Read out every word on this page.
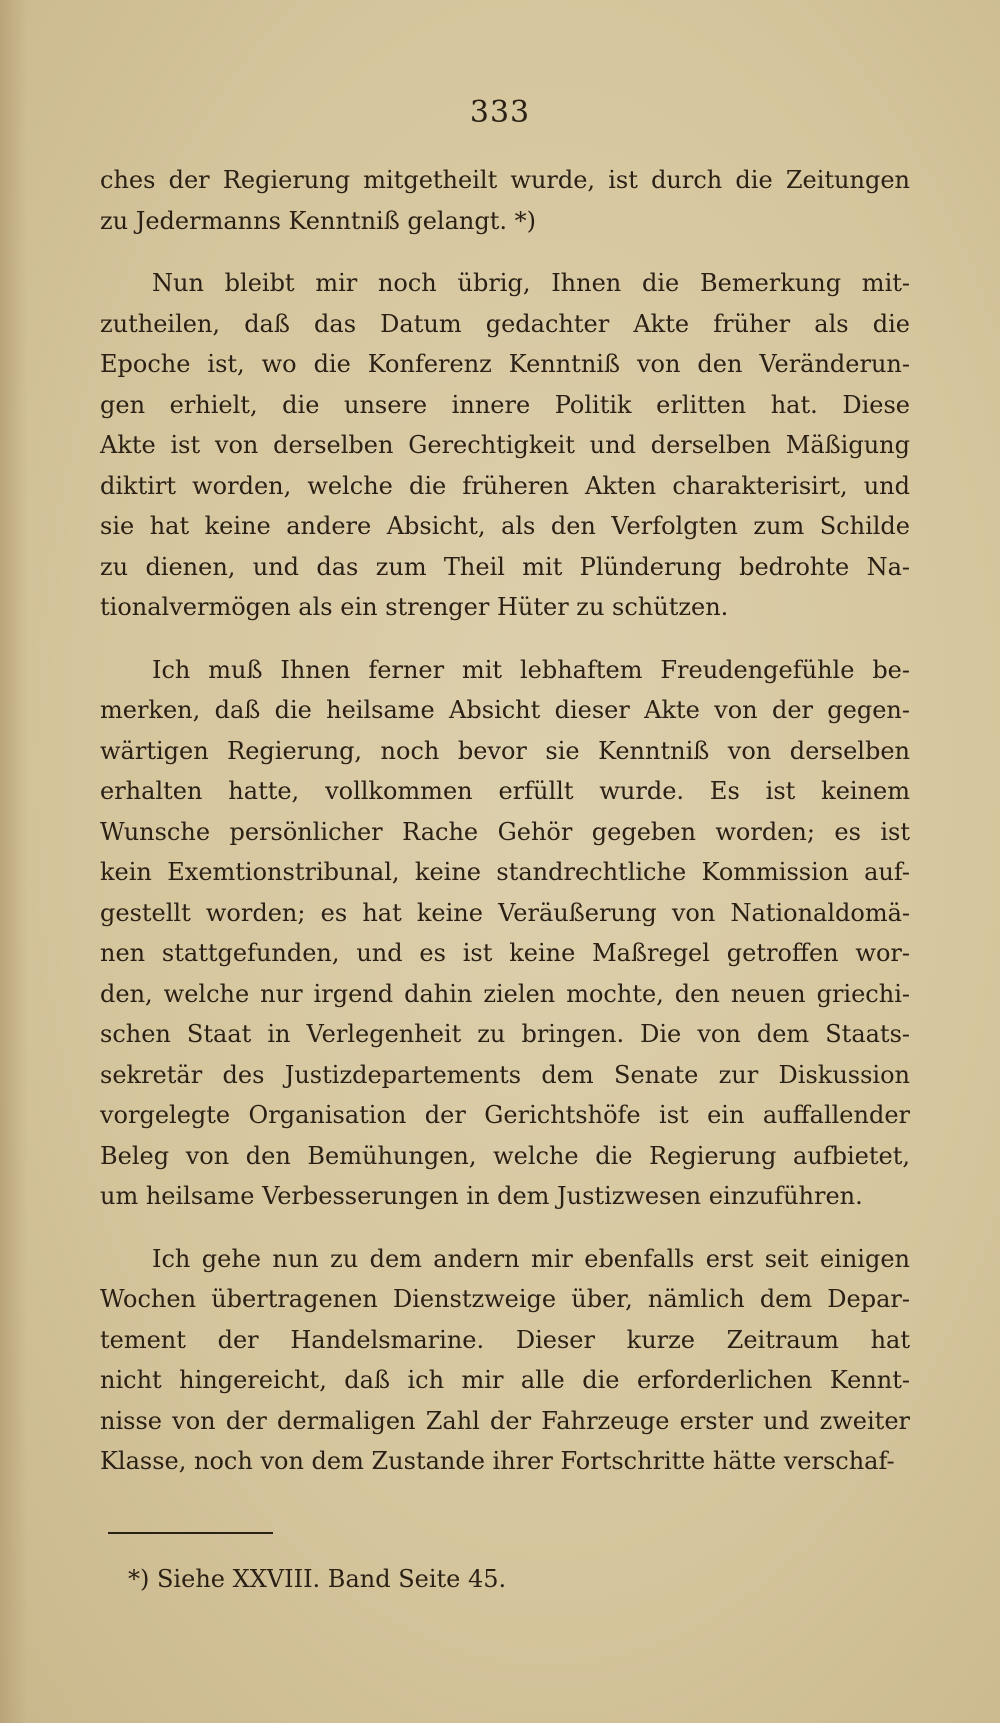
333
ches der Regierung mitgetheilt wurde, ist durch die Zeitungen
zu Jedermanns Kenntniß gelangt. *)
Nun bleibt mir noch übrig, Ihnen die Bemerkung mit-
zutheilen, daß das Datum gedachter Akte früher als die
Epoche ist, wo die Konferenz Kenntniß von den Veränderun-
gen erhielt, die unsere innere Politik erlitten hat. Diese
Akte ist von derselben Gerechtigkeit und derselben Mäßigung
diktirt worden, welche die früheren Akten charakterisirt, und
sie hat keine andere Absicht, als den Verfolgten zum Schilde
zu dienen, und das zum Theil mit Plünderung bedrohte Na-
tionalvermögen als ein strenger Hüter zu schützen.
Ich muß Ihnen ferner mit lebhaftem Freudengefühle be-
merken, daß die heilsame Absicht dieser Akte von der gegen-
wärtigen Regierung, noch bevor sie Kenntniß von derselben
erhalten hatte, vollkommen erfüllt wurde. Es ist keinem
Wunsche persönlicher Rache Gehör gegeben worden; es ist
kein Exemtionstribunal, keine standrechtliche Kommission auf-
gestellt worden; es hat keine Veräußerung von Nationaldomä-
nen stattgefunden, und es ist keine Maßregel getroffen wor-
den, welche nur irgend dahin zielen mochte, den neuen griechi-
schen Staat in Verlegenheit zu bringen. Die von dem Staats-
sekretär des Justizdepartements dem Senate zur Diskussion
vorgelegte Organisation der Gerichtshöfe ist ein auffallender
Beleg von den Bemühungen, welche die Regierung aufbietet,
um heilsame Verbesserungen in dem Justizwesen einzuführen.
Ich gehe nun zu dem andern mir ebenfalls erst seit einigen
Wochen übertragenen Dienstzweige über, nämlich dem Depar-
tement der Handelsmarine. Dieser kurze Zeitraum hat
nicht hingereicht, daß ich mir alle die erforderlichen Kennt-
nisse von der dermaligen Zahl der Fahrzeuge erster und zweiter
Klasse, noch von dem Zustande ihrer Fortschritte hätte verschaf-
*) Siehe XXVIII. Band Seite 45.
